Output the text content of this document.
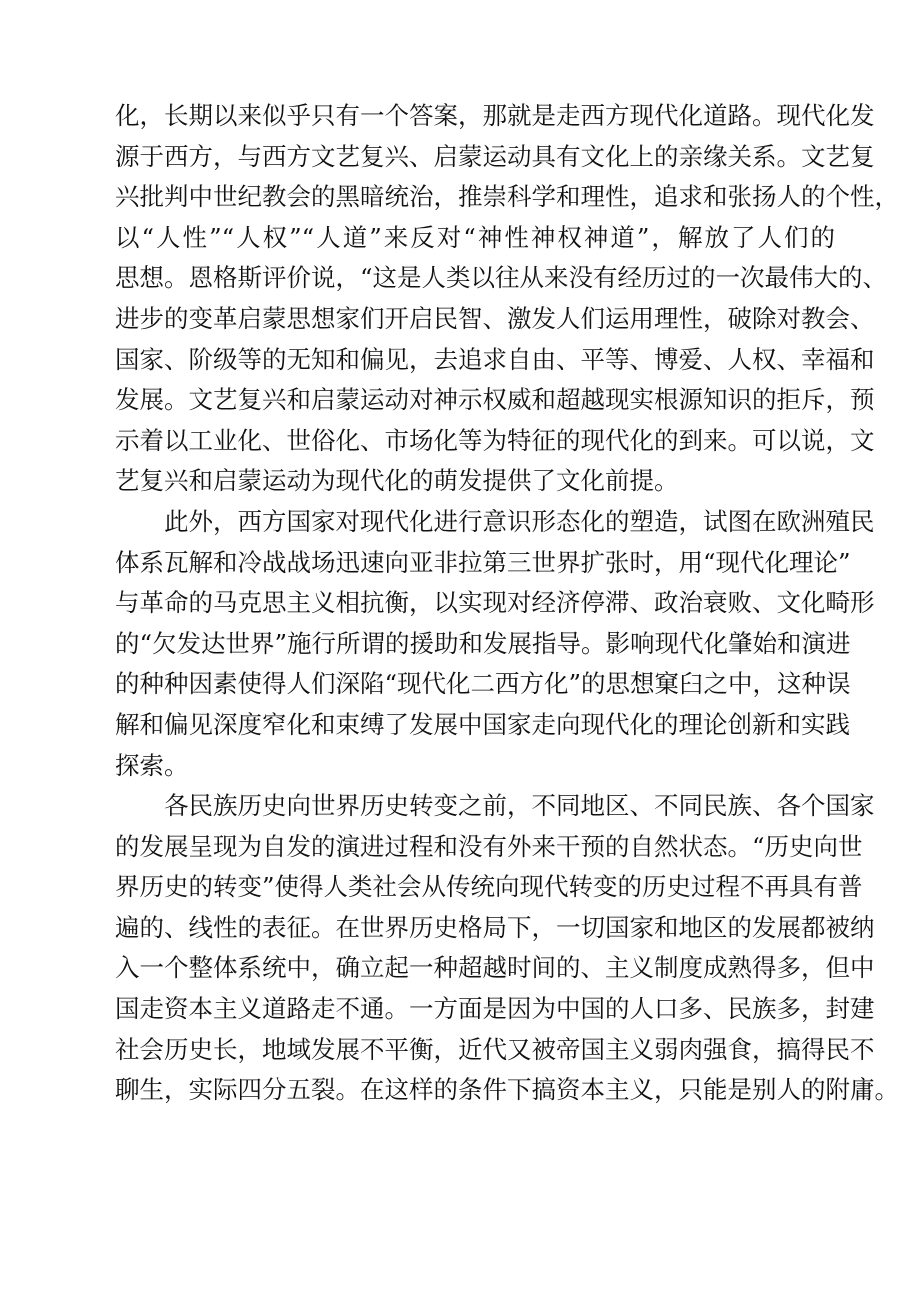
化，长期以来似乎只有一个答案，那就是走西方现代化道路。现代化发
源于西方，与西方文艺复兴、启蒙运动具有文化上的亲缘关系。文艺复
兴批判中世纪教会的黑暗统治，推崇科学和理性，追求和张扬人的个性，
以“人性”“人权”“人道”来反对“神性神权神道”，解放了人们的
思想。恩格斯评价说，“这是人类以往从来没有经历过的一次最伟大的、
进步的变革启蒙思想家们开启民智、激发人们运用理性，破除对教会、
国家、阶级等的无知和偏见，去追求自由、平等、博爱、人权、幸福和
发展。文艺复兴和启蒙运动对神示权威和超越现实根源知识的拒斥，预
示着以工业化、世俗化、市场化等为特征的现代化的到来。可以说，文
艺复兴和启蒙运动为现代化的萌发提供了文化前提。
此外，西方国家对现代化进行意识形态化的塑造，试图在欧洲殖民
体系瓦解和冷战战场迅速向亚非拉第三世界扩张时，用“现代化理论”
与革命的马克思主义相抗衡，以实现对经济停滞、政治衰败、文化畸形
的“欠发达世界”施行所谓的援助和发展指导。影响现代化肇始和演进
的种种因素使得人们深陷“现代化二西方化”的思想窠臼之中，这种误
解和偏见深度窄化和束缚了发展中国家走向现代化的理论创新和实践
探索。
各民族历史向世界历史转变之前，不同地区、不同民族、各个国家
的发展呈现为自发的演进过程和没有外来干预的自然状态。“历史向世
界历史的转变”使得人类社会从传统向现代转变的历史过程不再具有普
遍的、线性的表征。在世界历史格局下，一切国家和地区的发展都被纳
入一个整体系统中，确立起一种超越时间的、主义制度成熟得多，但中
国走资本主义道路走不通。一方面是因为中国的人口多、民族多，封建
社会历史长，地域发展不平衡，近代又被帝国主义弱肉强食，搞得民不
聊生，实际四分五裂。在这样的条件下搞资本主义，只能是别人的附庸。
